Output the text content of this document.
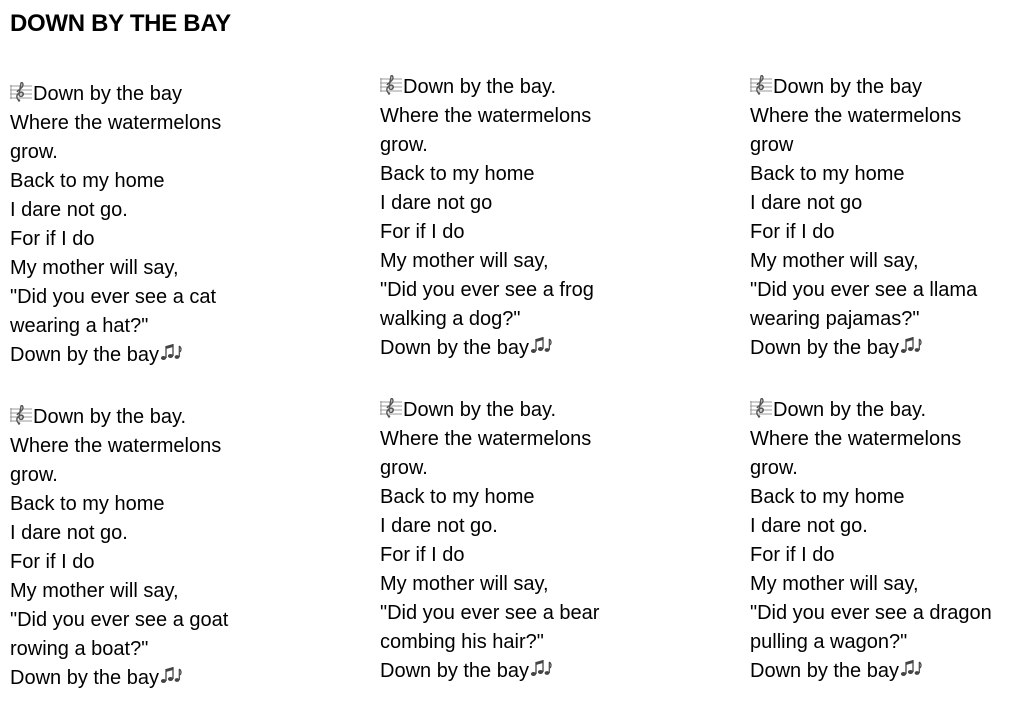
DOWN BY THE BAY
Down by the bay
Where the watermelons
grow.
Back to my home
I dare not go.
For if I do
My mother will say,
"Did you ever see a cat
wearing a hat?"
Down by the bay
Down by the bay.
Where the watermelons
grow.
Back to my home
I dare not go
For if I do
My mother will say,
"Did you ever see a frog
walking a dog?"
Down by the bay
Down by the bay
Where the watermelons
grow
Back to my home
I dare not go
For if I do
My mother will say,
"Did you ever see a llama
wearing pajamas?"
Down by the bay
Down by the bay.
Where the watermelons
grow.
Back to my home
I dare not go.
For if I do
My mother will say,
"Did you ever see a goat
rowing a boat?"
Down by the bay
Down by the bay.
Where the watermelons
grow.
Back to my home
I dare not go.
For if I do
My mother will say,
"Did you ever see a bear
combing his hair?"
Down by the bay
Down by the bay.
Where the watermelons
grow.
Back to my home
I dare not go.
For if I do
My mother will say,
"Did you ever see a dragon
pulling a wagon?"
Down by the bay
